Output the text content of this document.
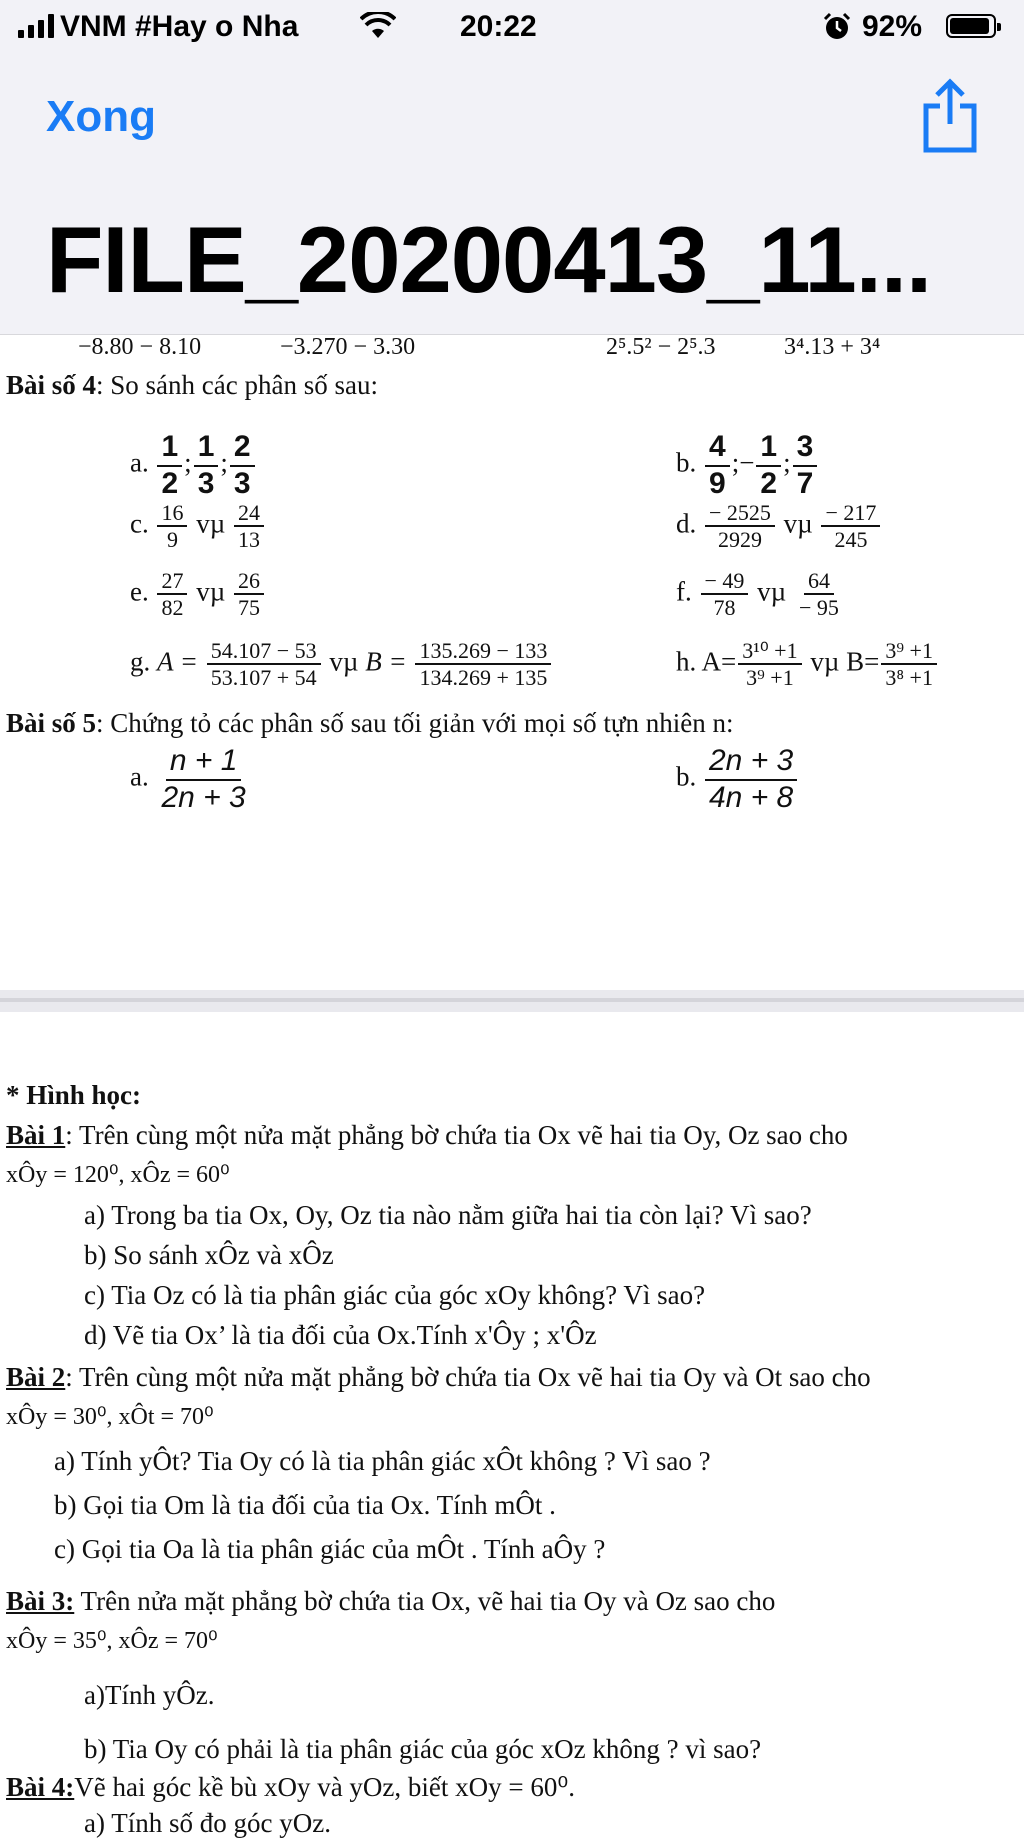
VNM #Hay o Nha	20:22	92%
Xong
FILE_20200413_11...
−8.80 − 8.10	−3.270 − 3.30	2⁵.5² − 2⁵.3	3⁴.13 + 3⁴
Bài số 4: So sánh các phân số sau:
a. $\frac{1}{2}$ ; $\frac{1}{3}$ ; $\frac{2}{3}$	b. $\frac{4}{9}$ ;− $\frac{1}{2}$ ; $\frac{3}{7}$
c. $\frac{16}{9}$ vµ $\frac{24}{13}$	d. $\frac{- 2525}{2929}$ vµ $\frac{- 217}{245}$
e. $\frac{27}{82}$ vµ $\frac{26}{75}$	f. $\frac{- 49}{78}$ vµ $\frac{64}{- 95}$
g. $A = \frac{54.107 - 53}{53.107 + 54}$ vµ $B = \frac{135.269 - 133}{134.269 + 135}$	h. $A= \frac{\text{3¹⁰ +1}}{\text{3⁹ +1}}$ vµ $B= \frac{\text{3⁹ +1}}{\text{3⁸ +1}}$
Bài số 5: Chứng tỏ các phân số sau tối giản với mọi số tựn nhiên n:
a. $\frac{n + 1}{2n + 3}$	b. $\frac{2n + 3}{4n + 8}$
* Hình học:
Bài 1: Trên cùng một nửa mặt phẳng bờ chứa tia Ox vẽ hai tia Oy, Oz sao cho
xÔy = 120⁰, xÔz = 60⁰
a) Trong ba tia Ox, Oy, Oz tia nào nằm giữa hai tia còn lại? Vì sao?
b) So sánh xÔz và xÔz
c) Tia Oz có là tia phân giác của góc xOy không? Vì sao?
d) Vẽ tia Ox’ là tia đối của Ox.Tính x'Ôy ; x'Ôz
Bài 2: Trên cùng một nửa mặt phẳng bờ chứa tia Ox vẽ hai tia Oy và Ot sao cho
xÔy = 30⁰, xÔt = 70⁰
a) Tính yÔt? Tia Oy có là tia phân giác xÔt không ? Vì sao ?
b) Gọi tia Om là tia đối của tia Ox. Tính mÔt .
c) Gọi tia Oa là tia phân giác của mÔt . Tính aÔy ?
Bài 3: Trên nửa mặt phẳng bờ chứa tia Ox, vẽ hai tia Oy và Oz sao cho
xÔy = 35⁰, xÔz = 70⁰
a)Tính yÔz.
b) Tia Oy có phải là tia phân giác của góc xOz không ? vì sao?
Bài 4:Vẽ hai góc kề bù xOy và yOz, biết xOy = 60⁰.
a) Tính số đo góc yOz.
